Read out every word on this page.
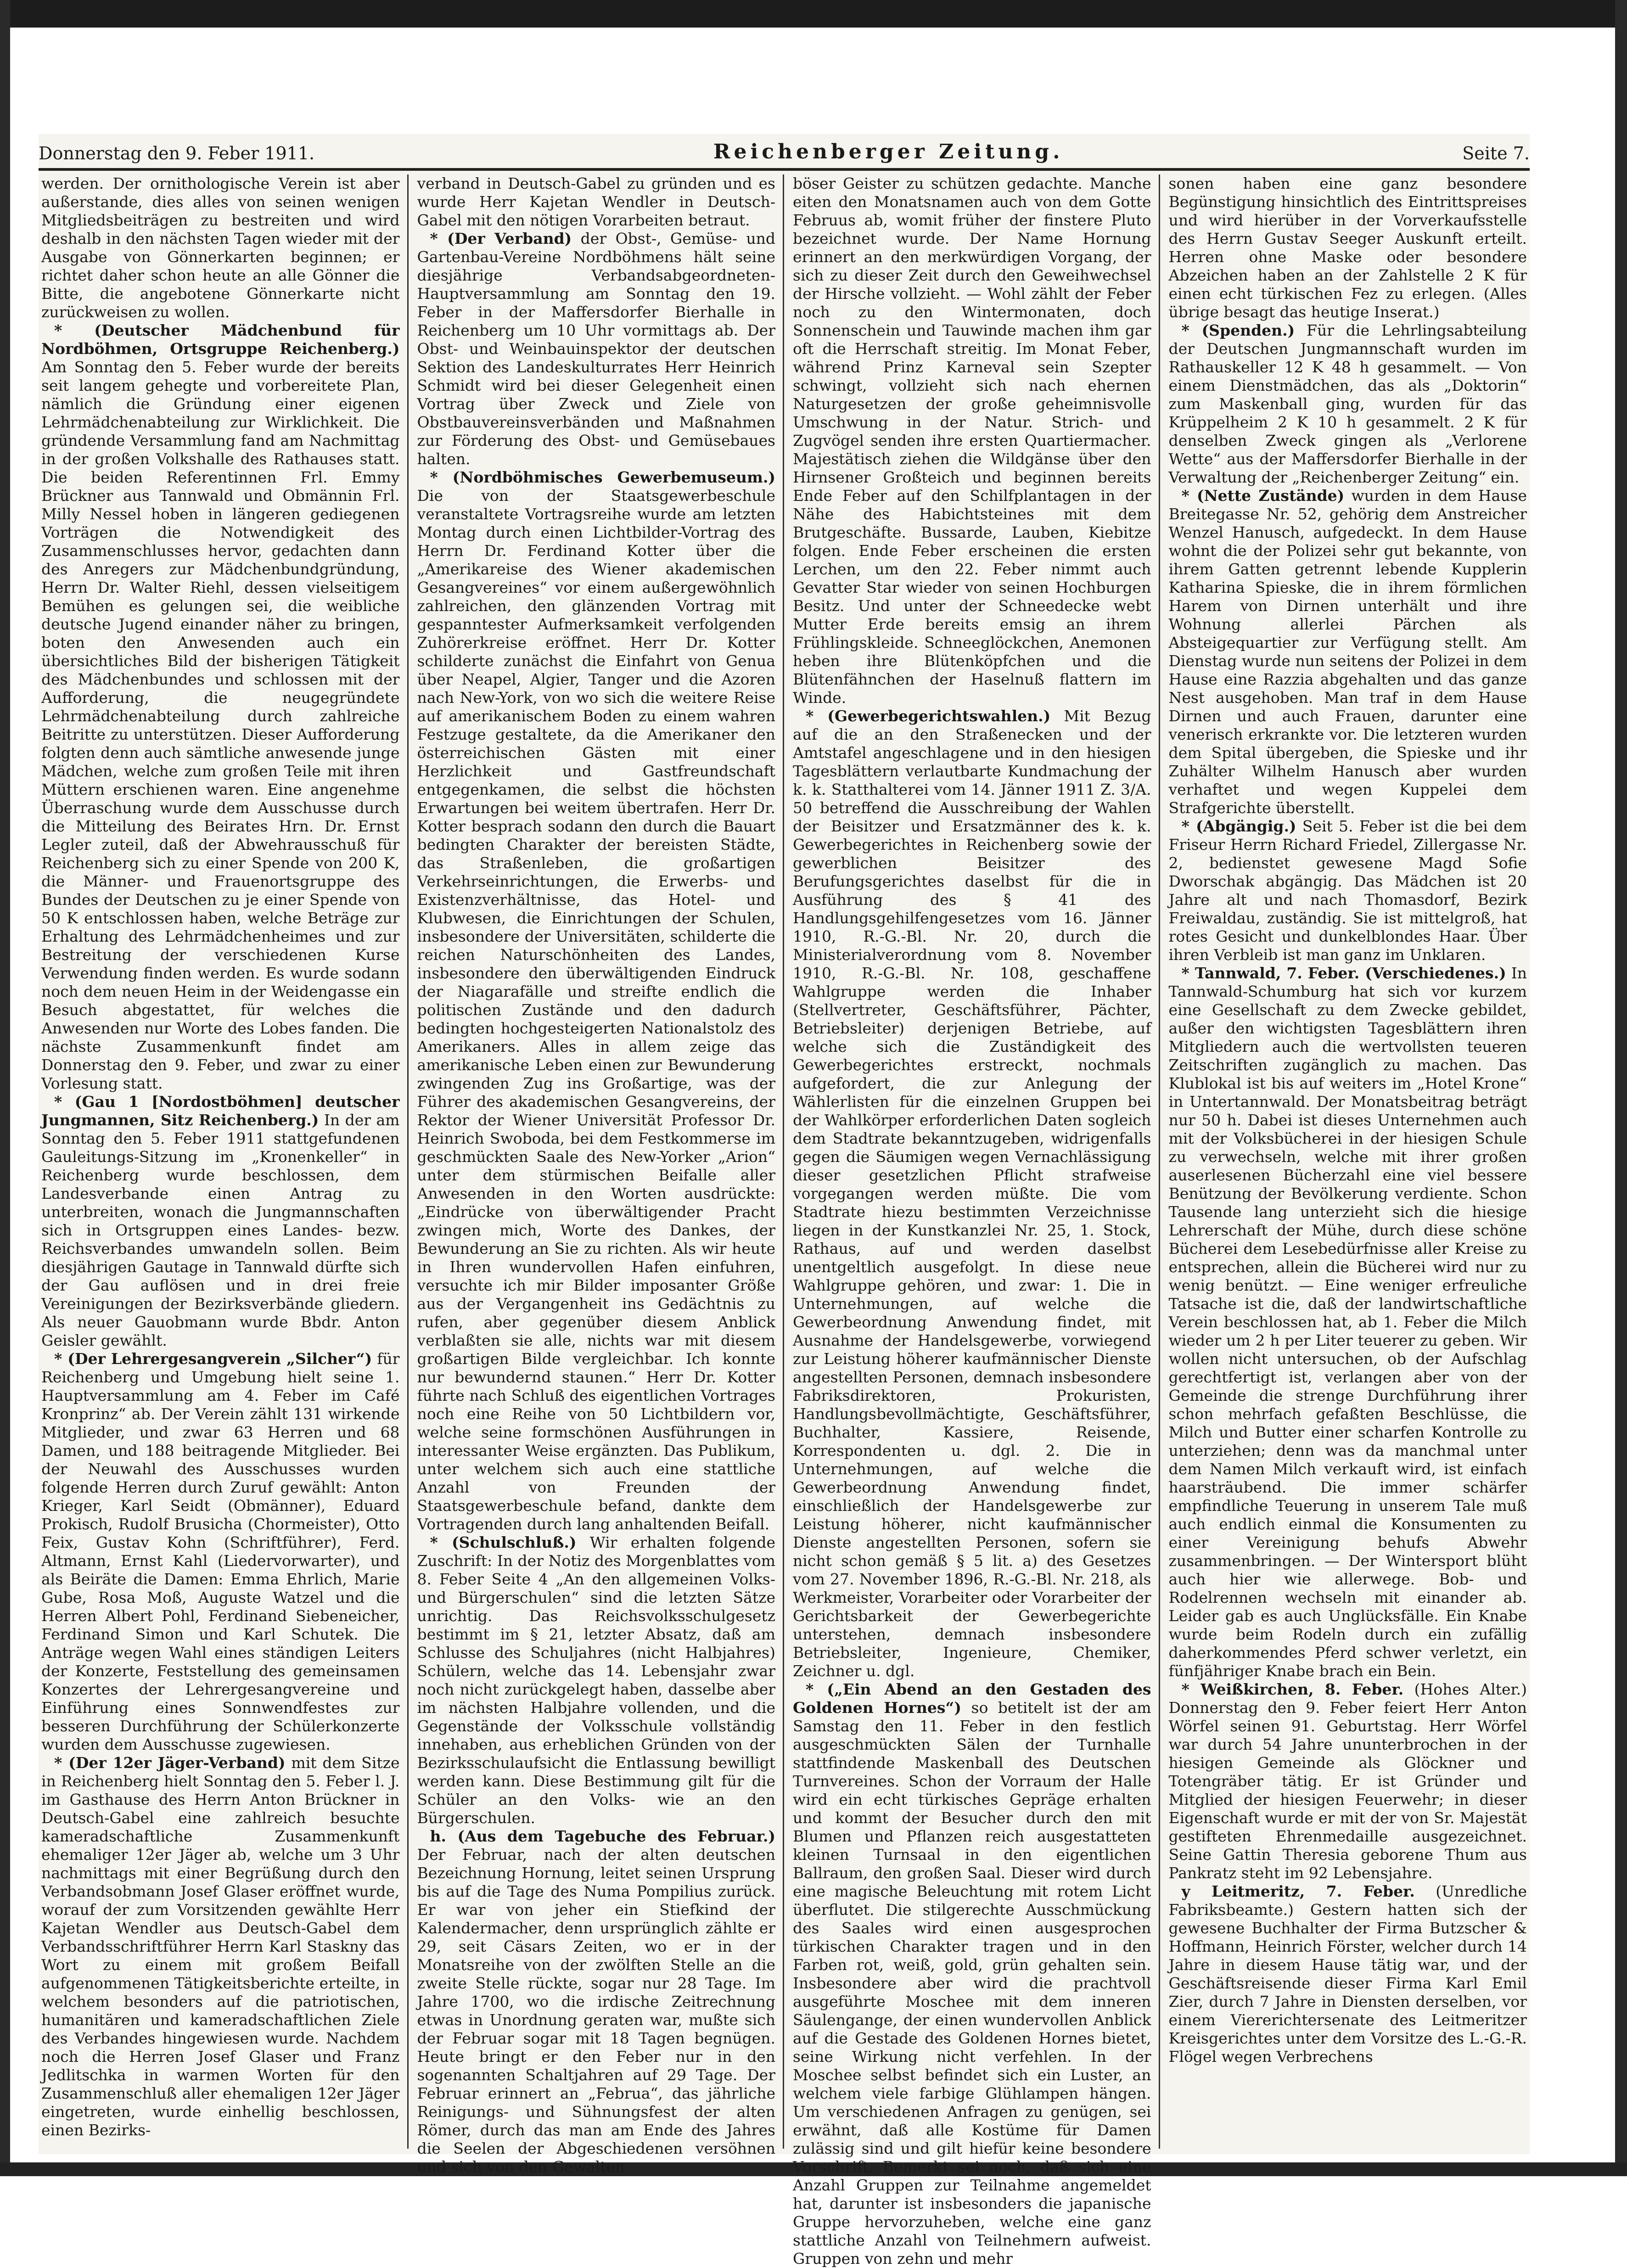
Donnerstag den 9. Feber 1911.	Reichenberger Zeitung.	Seite 7.

werden. Der ornithologische Verein ist aber außerstande, dies alles von seinen wenigen Mitgliedsbeiträgen zu bestreiten und wird deshalb in den nächsten Tagen wieder mit der Ausgabe von Gönnerkarten beginnen; er richtet daher schon heute an alle Gönner die Bitte, die angebotene Gönnerkarte nicht zurückweisen zu wollen.

* (Deutscher Mädchenbund für Nordböhmen, Ortsgruppe Reichenberg.) Am Sonntag den 5. Feber wurde der bereits seit langem gehegte und vorbereitete Plan, nämlich die Gründung einer eigenen Lehrmädchenabteilung zur Wirklichkeit. Die gründende Versammlung fand am Nachmittag in der großen Volkshalle des Rathauses statt. Die beiden Referentinnen Frl. Emmy Brückner aus Tannwald und Obmännin Frl. Milly Nessel hoben in längeren gediegenen Vorträgen die Notwendigkeit des Zusammenschlusses hervor, gedachten dann des Anregers zur Mädchenbundgründung, Herrn Dr. Walter Riehl, dessen vielseitigem Bemühen es gelungen sei, die weibliche deutsche Jugend einander näher zu bringen, boten den Anwesenden auch ein übersichtliches Bild der bisherigen Tätigkeit des Mädchenbundes und schlossen mit der Aufforderung, die neugegründete Lehrmädchenabteilung durch zahlreiche Beitritte zu unterstützen. Dieser Aufforderung folgten denn auch sämtliche anwesende junge Mädchen, welche zum großen Teile mit ihren Müttern erschienen waren. Eine angenehme Überraschung wurde dem Ausschusse durch die Mitteilung des Beirates Hrn. Dr. Ernst Legler zuteil, daß der Abwehrausschuß für Reichenberg sich zu einer Spende von 200 K, die Männer- und Frauenortsgruppe des Bundes der Deutschen zu je einer Spende von 50 K entschlossen haben, welche Beträge zur Erhaltung des Lehrmädchenheimes und zur Bestreitung der verschiedenen Kurse Verwendung finden werden. Es wurde sodann noch dem neuen Heim in der Weidengasse ein Besuch abgestattet, für welches die Anwesenden nur Worte des Lobes fanden. Die nächste Zusammenkunft findet am Donnerstag den 9. Feber, und zwar zu einer Vorlesung statt.

* (Gau 1 [Nordostböhmen] deutscher Jungmannen, Sitz Reichenberg.) In der am Sonntag den 5. Feber 1911 stattgefundenen Gauleitungs-Sitzung im „Kronenkeller“ in Reichenberg wurde beschlossen, dem Landesverbande einen Antrag zu unterbreiten, wonach die Jungmannschaften sich in Ortsgruppen eines Landes- bezw. Reichsverbandes umwandeln sollen. Beim diesjährigen Gautage in Tannwald dürfte sich der Gau auflösen und in drei freie Vereinigungen der Bezirksverbände gliedern. Als neuer Gauobmann wurde Bbdr. Anton Geisler gewählt.

* (Der Lehrergesangverein „Silcher“) für Reichenberg und Umgebung hielt seine 1. Hauptversammlung am 4. Feber im Café Kronprinz“ ab. Der Verein zählt 131 wirkende Mitglieder, und zwar 63 Herren und 68 Damen, und 188 beitragende Mitglieder. Bei der Neuwahl des Ausschusses wurden folgende Herren durch Zuruf gewählt: Anton Krieger, Karl Seidt (Obmänner), Eduard Prokisch, Rudolf Brusicha (Chormeister), Otto Feix, Gustav Kohn (Schriftführer), Ferd. Altmann, Ernst Kahl (Liedervorwarter), und als Beiräte die Damen: Emma Ehrlich, Marie Gube, Rosa Moß, Auguste Watzel und die Herren Albert Pohl, Ferdinand Siebeneicher, Ferdinand Simon und Karl Schutek. Die Anträge wegen Wahl eines ständigen Leiters der Konzerte, Feststellung des gemeinsamen Konzertes der Lehrergesangvereine und Einführung eines Sonnwendfestes zur besseren Durchführung der Schülerkonzerte wurden dem Ausschusse zugewiesen.

* (Der 12er Jäger-Verband) mit dem Sitze in Reichenberg hielt Sonntag den 5. Feber l. J. im Gasthause des Herrn Anton Brückner in Deutsch-Gabel eine zahlreich besuchte kameradschaftliche Zusammenkunft ehemaliger 12er Jäger ab, welche um 3 Uhr nachmittags mit einer Begrüßung durch den Verbandsobmann Josef Glaser eröffnet wurde, worauf der zum Vorsitzenden gewählte Herr Kajetan Wendler aus Deutsch-Gabel dem Verbandsschriftführer Herrn Karl Staskny das Wort zu einem mit großem Beifall aufgenommenen Tätigkeitsberichte erteilte, in welchem besonders auf die patriotischen, humanitären und kameradschaftlichen Ziele des Verbandes hingewiesen wurde. Nachdem noch die Herren Josef Glaser und Franz Jedlitschka in warmen Worten für den Zusammenschluß aller ehemaligen 12er Jäger eingetreten, wurde einhellig beschlossen, einen Bezirks-

verband in Deutsch-Gabel zu gründen und es wurde Herr Kajetan Wendler in Deutsch-Gabel mit den nötigen Vorarbeiten betraut.

* (Der Verband) der Obst-, Gemüse- und Gartenbau-Vereine Nordböhmens hält seine diesjährige Verbandsabgeordneten-Hauptversammlung am Sonntag den 19. Feber in der Maffersdorfer Bierhalle in Reichenberg um 10 Uhr vormittags ab. Der Obst- und Weinbauinspektor der deutschen Sektion des Landeskulturrates Herr Heinrich Schmidt wird bei dieser Gelegenheit einen Vortrag über Zweck und Ziele von Obstbauvereinsverbänden und Maßnahmen zur Förderung des Obst- und Gemüsebaues halten.

* (Nordböhmisches Gewerbemuseum.) Die von der Staatsgewerbeschule veranstaltete Vortragsreihe wurde am letzten Montag durch einen Lichtbilder-Vortrag des Herrn Dr. Ferdinand Kotter über die „Amerikareise des Wiener akademischen Gesangvereines“ vor einem außergewöhnlich zahlreichen, den glänzenden Vortrag mit gespanntester Aufmerksamkeit verfolgenden Zuhörerkreise eröffnet. Herr Dr. Kotter schilderte zunächst die Einfahrt von Genua über Neapel, Algier, Tanger und die Azoren nach New-York, von wo sich die weitere Reise auf amerikanischem Boden zu einem wahren Festzuge gestaltete, da die Amerikaner den österreichischen Gästen mit einer Herzlichkeit und Gastfreundschaft entgegenkamen, die selbst die höchsten Erwartungen bei weitem übertrafen. Herr Dr. Kotter besprach sodann den durch die Bauart bedingten Charakter der bereisten Städte, das Straßenleben, die großartigen Verkehrseinrichtungen, die Erwerbs- und Existenzverhältnisse, das Hotel- und Klubwesen, die Einrichtungen der Schulen, insbesondere der Universitäten, schilderte die reichen Naturschönheiten des Landes, insbesondere den überwältigenden Eindruck der Niagarafälle und streifte endlich die politischen Zustände und den dadurch bedingten hochgesteigerten Nationalstolz des Amerikaners. Alles in allem zeige das amerikanische Leben einen zur Bewunderung zwingenden Zug ins Großartige, was der Führer des akademischen Gesangvereins, der Rektor der Wiener Universität Professor Dr. Heinrich Swoboda, bei dem Festkommerse im geschmückten Saale des New-Yorker „Arion“ unter dem stürmischen Beifalle aller Anwesenden in den Worten ausdrückte: „Eindrücke von überwältigender Pracht zwingen mich, Worte des Dankes, der Bewunderung an Sie zu richten. Als wir heute in Ihren wundervollen Hafen einfuhren, versuchte ich mir Bilder imposanter Größe aus der Vergangenheit ins Gedächtnis zu rufen, aber gegenüber diesem Anblick verblaßten sie alle, nichts war mit diesem großartigen Bilde vergleichbar. Ich konnte nur bewundernd staunen.“ Herr Dr. Kotter führte nach Schluß des eigentlichen Vortrages noch eine Reihe von 50 Lichtbildern vor, welche seine formschönen Ausführungen in interessanter Weise ergänzten. Das Publikum, unter welchem sich auch eine stattliche Anzahl von Freunden der Staatsgewerbeschule befand, dankte dem Vortragenden durch lang anhaltenden Beifall.

* (Schulschluß.) Wir erhalten folgende Zuschrift: In der Notiz des Morgenblattes vom 8. Feber Seite 4 „An den allgemeinen Volks- und Bürgerschulen“ sind die letzten Sätze unrichtig. Das Reichsvolksschulgesetz bestimmt im § 21, letzter Absatz, daß am Schlusse des Schuljahres (nicht Halbjahres) Schülern, welche das 14. Lebensjahr zwar noch nicht zurückgelegt haben, dasselbe aber im nächsten Halbjahre vollenden, und die Gegenstände der Volksschule vollständig innehaben, aus erheblichen Gründen von der Bezirksschulaufsicht die Entlassung bewilligt werden kann. Diese Bestimmung gilt für die Schüler an den Volks- wie an den Bürgerschulen.

h. (Aus dem Tagebuche des Februar.) Der Februar, nach der alten deutschen Bezeichnung Hornung, leitet seinen Ursprung bis auf die Tage des Numa Pompilius zurück. Er war von jeher ein Stiefkind der Kalendermacher, denn ursprünglich zählte er 29, seit Cäsars Zeiten, wo er in der Monatsreihe von der zwölften Stelle an die zweite Stelle rückte, sogar nur 28 Tage. Im Jahre 1700, wo die irdische Zeitrechnung etwas in Unordnung geraten war, mußte sich der Februar sogar mit 18 Tagen begnügen. Heute bringt er den Feber nur in den sogenannten Schaltjahren auf 29 Tage. Der Februar erinnert an „Februa“, das jährliche Reinigungs- und Sühnungsfest der alten Römer, durch das man am Ende des Jahres die Seelen der Abgeschiedenen versöhnen und sich von den Gewalten

böser Geister zu schützen gedachte. Manche eiten den Monatsnamen auch von dem Gotte Februus ab, womit früher der finstere Pluto bezeichnet wurde. Der Name Hornung erinnert an den merkwürdigen Vorgang, der sich zu dieser Zeit durch den Geweihwechsel der Hirsche vollzieht. — Wohl zählt der Feber noch zu den Wintermonaten, doch Sonnenschein und Tauwinde machen ihm gar oft die Herrschaft streitig. Im Monat Feber, während Prinz Karneval sein Szepter schwingt, vollzieht sich nach ehernen Naturgesetzen der große geheimnisvolle Umschwung in der Natur. Strich- und Zugvögel senden ihre ersten Quartiermacher. Majestätisch ziehen die Wildgänse über den Hirnsener Großteich und beginnen bereits Ende Feber auf den Schilfplantagen in der Nähe des Habichtsteines mit dem Brutgeschäfte. Bussarde, Lauben, Kiebitze folgen. Ende Feber erscheinen die ersten Lerchen, um den 22. Feber nimmt auch Gevatter Star wieder von seinen Hochburgen Besitz. Und unter der Schneedecke webt Mutter Erde bereits emsig an ihrem Frühlingskleide. Schneeglöckchen, Anemonen heben ihre Blütenköpfchen und die Blütenfähnchen der Haselnuß flattern im Winde.

* (Gewerbegerichtswahlen.) Mit Bezug auf die an den Straßenecken und der Amtstafel angeschlagene und in den hiesigen Tagesblättern verlautbarte Kundmachung der k. k. Statthalterei vom 14. Jänner 1911 Z. 3/A. 50 betreffend die Ausschreibung der Wahlen der Beisitzer und Ersatzmänner des k. k. Gewerbegerichtes in Reichenberg sowie der gewerblichen Beisitzer des Berufungsgerichtes daselbst für die in Ausführung des § 41 des Handlungsgehilfengesetzes vom 16. Jänner 1910, R.-G.-Bl. Nr. 20, durch die Ministerialverordnung vom 8. November 1910, R.-G.-Bl. Nr. 108, geschaffene Wahlgruppe werden die Inhaber (Stellvertreter, Geschäftsführer, Pächter, Betriebsleiter) derjenigen Betriebe, auf welche sich die Zuständigkeit des Gewerbegerichtes erstreckt, nochmals aufgefordert, die zur Anlegung der Wählerlisten für die einzelnen Gruppen bei der Wahlkörper erforderlichen Daten sogleich dem Stadtrate bekanntzugeben, widrigenfalls gegen die Säumigen wegen Vernachlässigung dieser gesetzlichen Pflicht strafweise vorgegangen werden müßte. Die vom Stadtrate hiezu bestimmten Verzeichnisse liegen in der Kunstkanzlei Nr. 25, 1. Stock, Rathaus, auf und werden daselbst unentgeltlich ausgefolgt. In diese neue Wahlgruppe gehören, und zwar: 1. Die in Unternehmungen, auf welche die Gewerbeordnung Anwendung findet, mit Ausnahme der Handelsgewerbe, vorwiegend zur Leistung höherer kaufmännischer Dienste angestellten Personen, demnach insbesondere Fabriksdirektoren, Prokuristen, Handlungsbevollmächtigte, Geschäftsführer, Buchhalter, Kassiere, Reisende, Korrespondenten u. dgl. 2. Die in Unternehmungen, auf welche die Gewerbeordnung Anwendung findet, einschließlich der Handelsgewerbe zur Leistung höherer, nicht kaufmännischer Dienste angestellten Personen, sofern sie nicht schon gemäß § 5 lit. a) des Gesetzes vom 27. November 1896, R.-G.-Bl. Nr. 218, als Werkmeister, Vorarbeiter oder Vorarbeiter der Gerichtsbarkeit der Gewerbegerichte unterstehen, demnach insbesondere Betriebsleiter, Ingenieure, Chemiker, Zeichner u. dgl.

* („Ein Abend an den Gestaden des Goldenen Hornes“) so betitelt ist der am Samstag den 11. Feber in den festlich ausgeschmückten Sälen der Turnhalle stattfindende Maskenball des Deutschen Turnvereines. Schon der Vorraum der Halle wird ein echt türkisches Gepräge erhalten und kommt der Besucher durch den mit Blumen und Pflanzen reich ausgestatteten kleinen Turnsaal in den eigentlichen Ballraum, den großen Saal. Dieser wird durch eine magische Beleuchtung mit rotem Licht überflutet. Die stilgerechte Ausschmückung des Saales wird einen ausgesprochen türkischen Charakter tragen und in den Farben rot, weiß, gold, grün gehalten sein. Insbesondere aber wird die prachtvoll ausgeführte Moschee mit dem inneren Säulengange, der einen wundervollen Anblick auf die Gestade des Goldenen Hornes bietet, seine Wirkung nicht verfehlen. In der Moschee selbst befindet sich ein Luster, an welchem viele farbige Glühlampen hängen. Um verschiedenen Anfragen zu genügen, sei erwähnt, daß alle Kostüme für Damen zulässig sind und gilt hiefür keine besondere Vorschrift. Bemerkt sei noch, daß sich eine Anzahl Gruppen zur Teilnahme angemeldet hat, darunter ist insbesonders die japanische Gruppe hervorzuheben, welche eine ganz stattliche Anzahl von Teilnehmern aufweist. Gruppen von zehn und mehr

sonen haben eine ganz besondere Begünstigung hinsichtlich des Eintrittspreises und wird hierüber in der Vorverkaufsstelle des Herrn Gustav Seeger Auskunft erteilt. Herren ohne Maske oder besondere Abzeichen haben an der Zahlstelle 2 K für einen echt türkischen Fez zu erlegen. (Alles übrige besagt das heutige Inserat.)

* (Spenden.) Für die Lehrlingsabteilung der Deutschen Jungmannschaft wurden im Rathauskeller 12 K 48 h gesammelt. — Von einem Dienstmädchen, das als „Doktorin“ zum Maskenball ging, wurden für das Krüppelheim 2 K 10 h gesammelt. 2 K für denselben Zweck gingen als „Verlorene Wette“ aus der Maffersdorfer Bierhalle in der Verwaltung der „Reichenberger Zeitung“ ein.

* (Nette Zustände) wurden in dem Hause Breitegasse Nr. 52, gehörig dem Anstreicher Wenzel Hanusch, aufgedeckt. In dem Hause wohnt die der Polizei sehr gut bekannte, von ihrem Gatten getrennt lebende Kupplerin Katharina Spieske, die in ihrem förmlichen Harem von Dirnen unterhält und ihre Wohnung allerlei Pärchen als Absteigequartier zur Verfügung stellt. Am Dienstag wurde nun seitens der Polizei in dem Hause eine Razzia abgehalten und das ganze Nest ausgehoben. Man traf in dem Hause Dirnen und auch Frauen, darunter eine venerisch erkrankte vor. Die letzteren wurden dem Spital übergeben, die Spieske und ihr Zuhälter Wilhelm Hanusch aber wurden verhaftet und wegen Kuppelei dem Strafgerichte überstellt.

* (Abgängig.) Seit 5. Feber ist die bei dem Friseur Herrn Richard Friedel, Zillergasse Nr. 2, bedienstet gewesene Magd Sofie Dworschak abgängig. Das Mädchen ist 20 Jahre alt und nach Thomasdorf, Bezirk Freiwaldau, zuständig. Sie ist mittelgroß, hat rotes Gesicht und dunkelblondes Haar. Über ihren Verbleib ist man ganz im Unklaren.

* Tannwald, 7. Feber. (Verschiedenes.) In Tannwald-Schumburg hat sich vor kurzem eine Gesellschaft zu dem Zwecke gebildet, außer den wichtigsten Tagesblättern ihren Mitgliedern auch die wertvollsten teueren Zeitschriften zugänglich zu machen. Das Klublokal ist bis auf weiters im „Hotel Krone“ in Untertannwald. Der Monatsbeitrag beträgt nur 50 h. Dabei ist dieses Unternehmen auch mit der Volksbücherei in der hiesigen Schule zu verwechseln, welche mit ihrer großen auserlesenen Bücherzahl eine viel bessere Benützung der Bevölkerung verdiente. Schon Tausende lang unterzieht sich die hiesige Lehrerschaft der Mühe, durch diese schöne Bücherei dem Lesebedürfnisse aller Kreise zu entsprechen, allein die Bücherei wird nur zu wenig benützt. — Eine weniger erfreuliche Tatsache ist die, daß der landwirtschaftliche Verein beschlossen hat, ab 1. Feber die Milch wieder um 2 h per Liter teuerer zu geben. Wir wollen nicht untersuchen, ob der Aufschlag gerechtfertigt ist, verlangen aber von der Gemeinde die strenge Durchführung ihrer schon mehrfach gefaßten Beschlüsse, die Milch und Butter einer scharfen Kontrolle zu unterziehen; denn was da manchmal unter dem Namen Milch verkauft wird, ist einfach haarsträubend. Die immer schärfer empfindliche Teuerung in unserem Tale muß auch endlich einmal die Konsumenten zu einer Vereinigung behufs Abwehr zusammenbringen. — Der Wintersport blüht auch hier wie allerwege. Bob- und Rodelrennen wechseln mit einander ab. Leider gab es auch Unglücksfälle. Ein Knabe wurde beim Rodeln durch ein zufällig daherkommendes Pferd schwer verletzt, ein fünfjähriger Knabe brach ein Bein.

* Weißkirchen, 8. Feber. (Hohes Alter.) Donnerstag den 9. Feber feiert Herr Anton Wörfel seinen 91. Geburtstag. Herr Wörfel war durch 54 Jahre ununterbrochen in der hiesigen Gemeinde als Glöckner und Totengräber tätig. Er ist Gründer und Mitglied der hiesigen Feuerwehr; in dieser Eigenschaft wurde er mit der von Sr. Majestät gestifteten Ehrenmedaille ausgezeichnet. Seine Gattin Theresia geborene Thum aus Pankratz steht im 92 Lebensjahre.

y Leitmeritz, 7. Feber. (Unredliche Fabriksbeamte.) Gestern hatten sich der gewesene Buchhalter der Firma Butzscher & Hoffmann, Heinrich Förster, welcher durch 14 Jahre in diesem Hause tätig war, und der Geschäftsreisende dieser Firma Karl Emil Zier, durch 7 Jahre in Diensten derselben, vor einem Viererichtersenate des Leitmeritzer Kreisgerichtes unter dem Vorsitze des L.-G.-R. Flögel wegen Verbrechens
